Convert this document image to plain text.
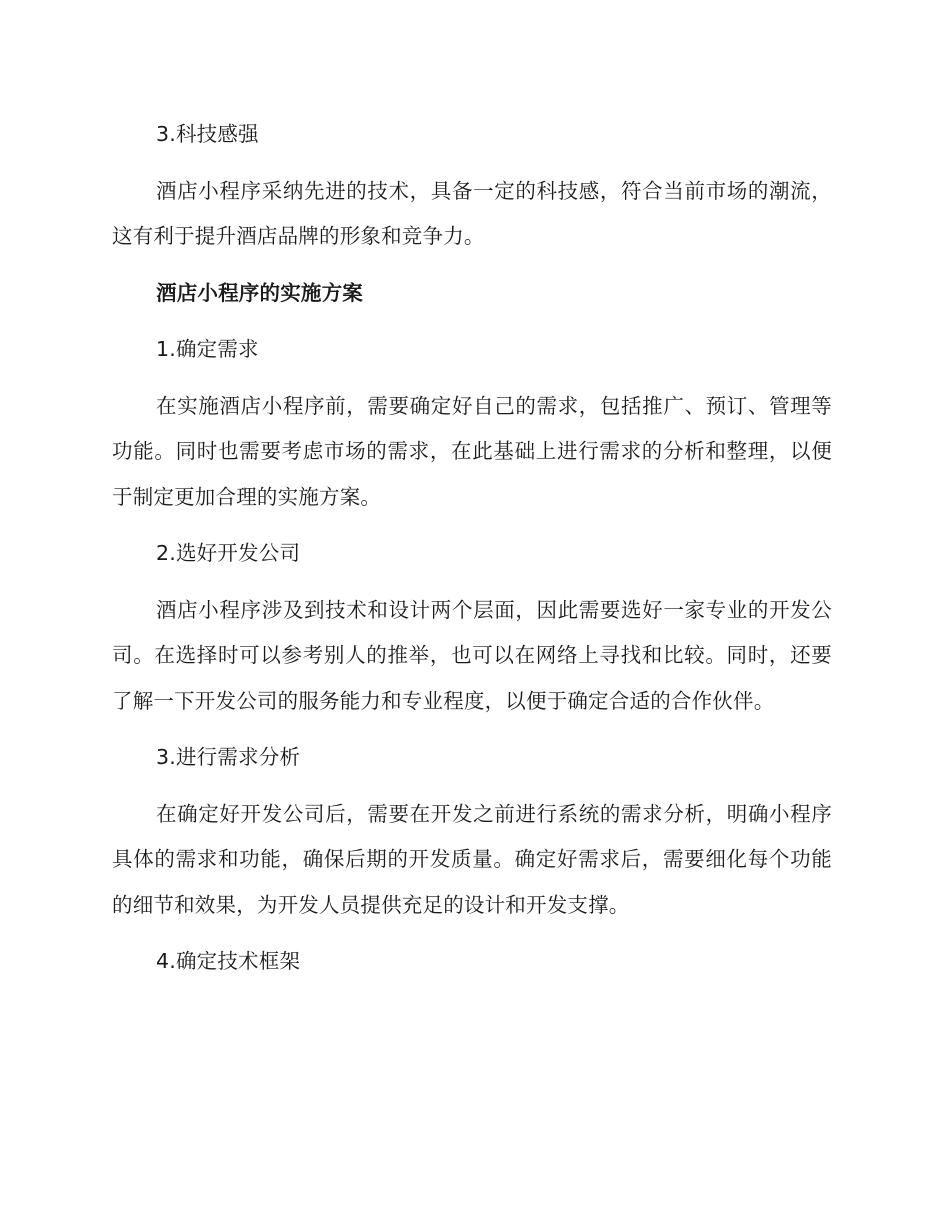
3.科技感强

酒店小程序采纳先进的技术，具备一定的科技感，符合当前市场的潮流，这有利于提升酒店品牌的形象和竞争力。

酒店小程序的实施方案

1.确定需求

在实施酒店小程序前，需要确定好自己的需求，包括推广、预订、管理等功能。同时也需要考虑市场的需求，在此基础上进行需求的分析和整理，以便于制定更加合理的实施方案。

2.选好开发公司

酒店小程序涉及到技术和设计两个层面，因此需要选好一家专业的开发公司。在选择时可以参考别人的推举，也可以在网络上寻找和比较。同时，还要了解一下开发公司的服务能力和专业程度，以便于确定合适的合作伙伴。

3.进行需求分析

在确定好开发公司后，需要在开发之前进行系统的需求分析，明确小程序具体的需求和功能，确保后期的开发质量。确定好需求后，需要细化每个功能的细节和效果，为开发人员提供充足的设计和开发支撑。

4.确定技术框架
